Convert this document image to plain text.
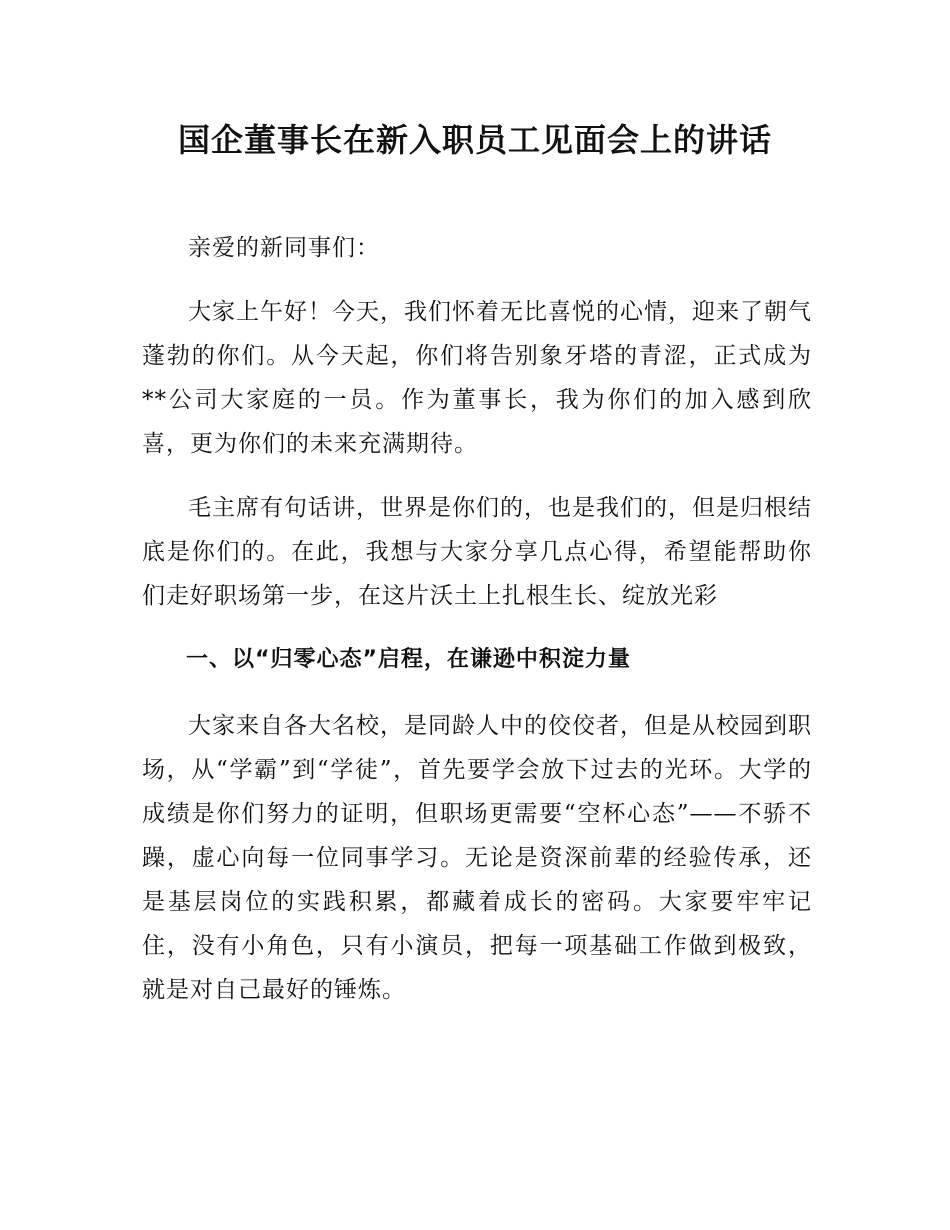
国企董事长在新入职员工见面会上的讲话

亲爱的新同事们：

大家上午好！今天，我们怀着无比喜悦的心情，迎来了朝气蓬勃的你们。从今天起，你们将告别象牙塔的青涩，正式成为**公司大家庭的一员。作为董事长，我为你们的加入感到欣喜，更为你们的未来充满期待。

毛主席有句话讲，世界是你们的，也是我们的，但是归根结底是你们的。在此，我想与大家分享几点心得，希望能帮助你们走好职场第一步，在这片沃土上扎根生长、绽放光彩

一、以“归零心态”启程，在谦逊中积淀力量

大家来自各大名校，是同龄人中的佼佼者，但是从校园到职场，从“学霸”到“学徒”，首先要学会放下过去的光环。大学的成绩是你们努力的证明，但职场更需要“空杯心态”——不骄不躁，虚心向每一位同事学习。无论是资深前辈的经验传承，还是基层岗位的实践积累，都藏着成长的密码。大家要牢牢记住，没有小角色，只有小演员，把每一项基础工作做到极致，就是对自己最好的锤炼。
